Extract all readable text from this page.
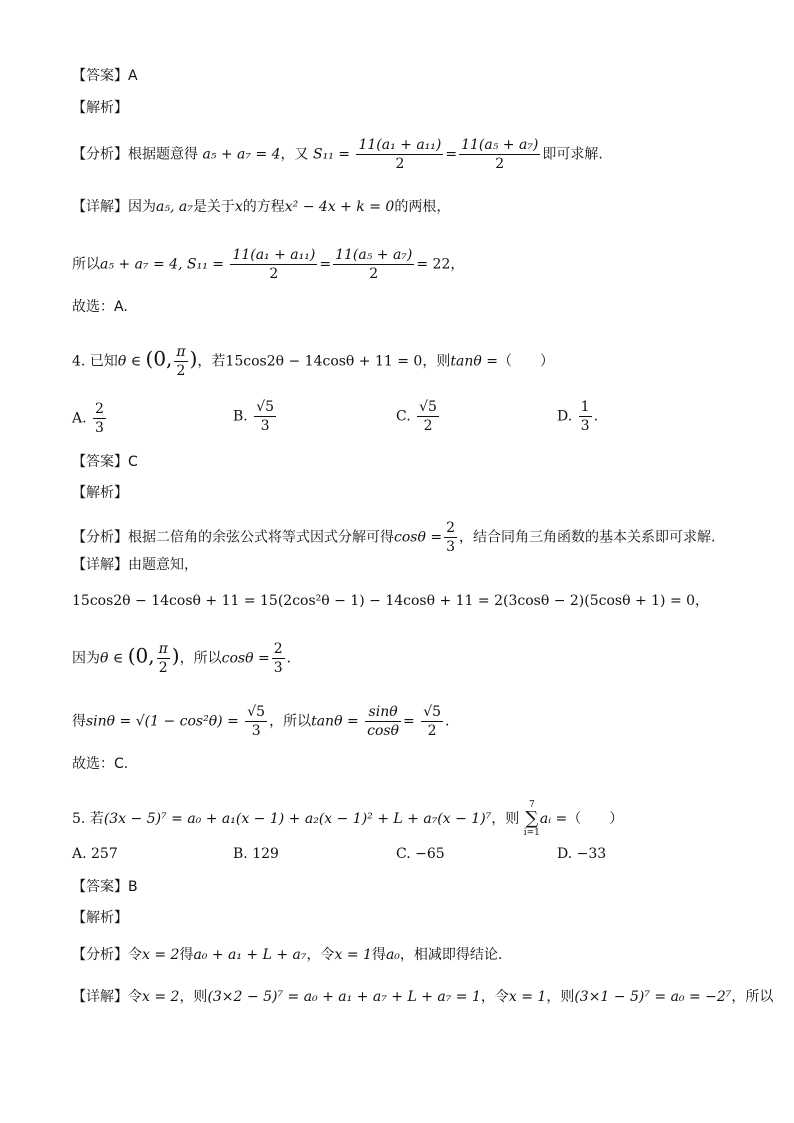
【答案】A
【解析】
【分析】根据题意得 a₅ + a₇ = 4，又 $S_{11} = \frac{\text{11(a₁ + a₁₁)}}{2} = \frac{\text{11(a₅ + a₇)}}{2}$ 即可求解.
【详解】因为a₅, a₇是关于x的方程x² − 4x + k = 0的两根，
所以a₅ + a₇ = 4, $S_{11} = \frac{\text{11(a₁ + a₁₁)}}{2} = \frac{\text{11(a₅ + a₇)}}{2} = 22$，
故选：A.
4. 已知θ ∈ (0, $\frac{\pi}{2}$ )，若15cos2θ − 14cosθ + 11 = 0，则tanθ =（　　）
A. $\frac{2}{3}$	B. $\frac{√5}{3}$	C. $\frac{√5}{2}$	D. $\frac{1}{3}$ .
【答案】C
【解析】
【分析】根据二倍角的余弦公式将等式因式分解可得$\cos\theta = \frac{2}{3}$ ，结合同角三角函数的基本关系即可求解.
【详解】由题意知，
15cos2θ − 14cosθ + 11 = 15(2cos²θ − 1) − 14cosθ + 11 = 2(3cosθ − 2)(5cosθ + 1) = 0，
因为θ ∈ (0, $\frac{\pi}{2}$ )，所以$\cos\theta = \frac{2}{3}$ .
得$\sin\theta = √(1 - \cos^2\theta) = \frac{√5}{3}$ ，所以$\tan\theta = \frac{\sin\theta}{\cos\theta} = \frac{√5}{2}$ .
故选：C.
5. 若(3x − 5)⁷ = a₀ + a₁(x − 1) + a₂(x − 1)² + L + a₇(x − 1)⁷，则
7
∑
i=1
aᵢ =（　　）
A. 257	B. 129	C. −65	D. −33
【答案】B
【解析】
【分析】令x = 2得a₀ + a₁ + L + a₇，令x = 1得a₀，相减即得结论.
【详解】令x = 2，则(3×2 − 5)⁷ = a₀ + a₁ + a₇ + L + a₇ = 1，令x = 1，则(3×1 − 5)⁷ = a₀ = −2⁷，所以
